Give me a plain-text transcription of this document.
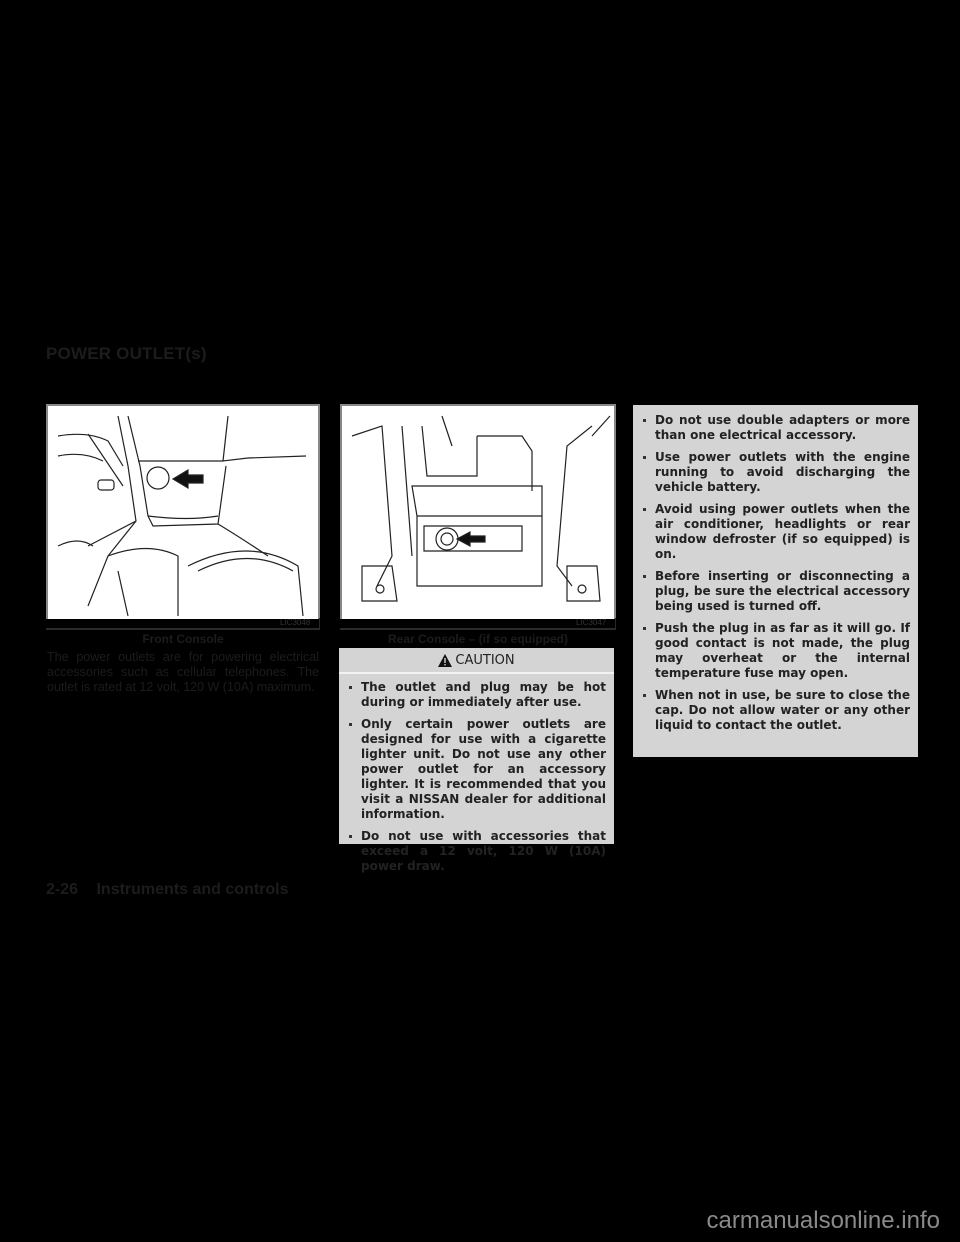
POWER OUTLET(s)
LIC3048
Front Console
LIC3047
Rear Console – (if so equipped)
The power outlets are for powering electrical accessories such as cellular telephones. The outlet is rated at 12 volt, 120 W (10A) maximum.
CAUTION
The outlet and plug may be hot during or immediately after use.
Only certain power outlets are designed for use with a cigarette lighter unit. Do not use any other power outlet for an accessory lighter. It is recommended that you visit a NISSAN dealer for additional information.
Do not use with accessories that exceed a 12 volt, 120 W (10A) power draw.
Do not use double adapters or more than one electrical accessory.
Use power outlets with the engine running to avoid discharging the vehicle battery.
Avoid using power outlets when the air conditioner, headlights or rear window defroster (if so equipped) is on.
Before inserting or disconnecting a plug, be sure the electrical accessory being used is turned off.
Push the plug in as far as it will go. If good contact is not made, the plug may overheat or the internal temperature fuse may open.
When not in use, be sure to close the cap. Do not allow water or any other liquid to contact the outlet.
2-26 Instruments and controls
carmanualsonline.info
